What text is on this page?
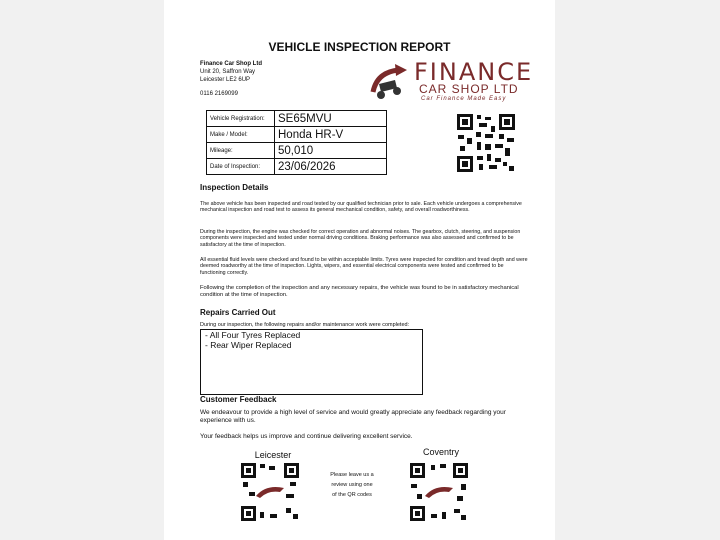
VEHICLE INSPECTION REPORT
Finance Car Shop Ltd
Unit 20, Saffron Way
Leicester LE2 6UP
0116 2169099
FINANCE
CAR SHOP LTD
Car Finance Made Easy
Vehicle Registration:	SE65MVU
Make / Model:	Honda HR-V
Mileage:	50,010
Date of Inspection:	23/06/2026
Inspection Details
The above vehicle has been inspected and road tested by our qualified technician prior to sale. Each vehicle undergoes a comprehensive mechanical inspection and road test to assess its general mechanical condition, safety, and overall roadworthiness.
During the inspection, the engine was checked for correct operation and abnormal noises. The gearbox, clutch, steering, and suspension components were inspected and tested under normal driving conditions. Braking performance was also assessed and confirmed to be satisfactory at the time of inspection.
All essential fluid levels were checked and found to be within acceptable limits. Tyres were inspected for condition and tread depth and were deemed roadworthy at the time of inspection. Lights, wipers, and essential electrical components were tested and confirmed to be functioning correctly.
Following the completion of the inspection and any necessary repairs, the vehicle was found to be in satisfactory mechanical condition at the time of inspection.
Repairs Carried Out
During our inspection, the following repairs and/or maintenance work were completed:
- All Four Tyres Replaced
- Rear Wiper Replaced
Customer Feedback
We endeavour to provide a high level of service and would greatly appreciate any feedback regarding your experience with us.
Your feedback helps us improve and continue delivering excellent service.
Leicester
Please leave us a
review using one
of the QR codes
Coventry
